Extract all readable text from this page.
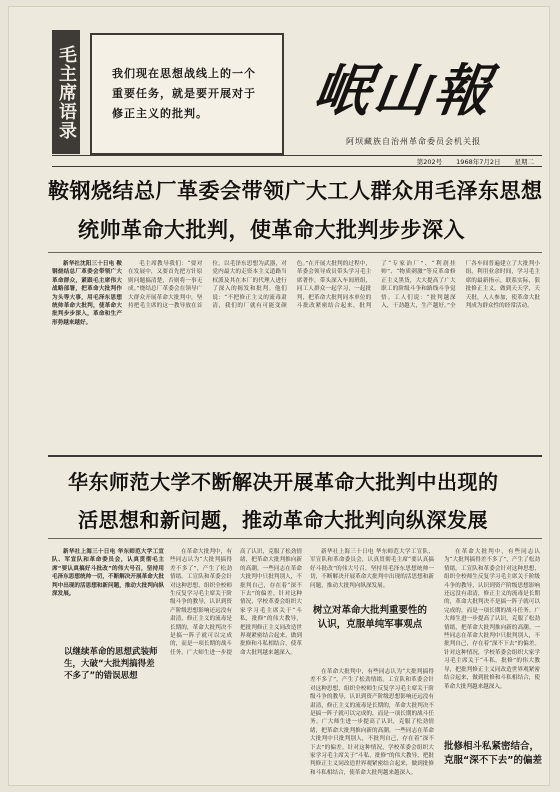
毛主席语录	我们现在思想战线上的一个重要任务，就是要开展对于修正主义的批判。	岷山報
阿坝藏族自治州革命委员会机关报
第202号 1968年7月2日 星期二
鞍钢烧结总厂革委会带领广大工人群众用毛泽东思想
统帅革命大批判，使革命大批判步步深入
新华社沈阳三十日电 鞍钢烧结总厂革委会带领广大革命群众，紧跟毛主席伟大战略部署，把革命大批判作为头等大事，用毛泽东思想统帅革命大批判，使革命大批判步步深入，革命和生产形势越来越好。
毛主席教导我们：“要对在发展中，又要首先把方针原则问题搞清楚，否则将一事无成。”烧结总厂革委会在领导广大群众开展革命大批判中，坚持把毛主席的这一教导放在首位，以毛泽东思想为武器，对党内最大的走资本主义道路当权派及其在本厂的代理人进行了深入的揭发和批判。他们说：“不把修正主义的流毒肃清，我们的厂就有可能变颜色。”在开展大批判的过程中，革委会领导成员带头学习毛主席著作，带头深入车间班组，同工人群众一起学习，一起批判，把革命大批判同本单位的斗批改紧密结合起来，批判了“专家治厂”、“利润挂帅”、“物质刺激”等反革命修正主义黑货，大大提高了广大职工的阶级斗争和路线斗争觉悟。工人们说：“批判越深入，干劲越大，生产越好。”全厂各车间普遍建立了大批判小组，利用业余时间，学习毛主席的最新指示，联系实际，狠批修正主义，做到天天学，天天批，人人参加，使革命大批判成为群众性的经常活动。
华东师范大学不断解决开展革命大批判中出现的
活思想和新问题，推动革命大批判向纵深发展
新华社上海三十日电 华东师范大学工宣队、军宣队和革命委员会，认真贯彻毛主席“要认真搞好斗批改”的伟大号召，坚持用毛泽东思想统帅一切，不断解决开展革命大批判中出现的活思想和新问题，推动大批判向纵深发展。
以继续革命的思想武装师生，大破“大批判搞得差不多了”的错误思想
在革命大批判中，有些同志认为“大批判搞得差不多了”，产生了松劲情绪。工宣队和革委会针对这种思想，组织全校师生反复学习毛主席关于阶级斗争的教导，认识到资产阶级思想影响还远没有肃清，修正主义的流毒是长期的，革命大批判决不是搞一阵子就可以完成的，而是一项长期的战斗任务。广大师生进一步提高了认识，克服了松劲情绪，把革命大批判推向新的高潮。一些同志在革命大批判中只批判别人，不批判自己，存在着“深不下去”的偏差。针对这种情况，学校革委会组织大家学习毛主席关于“斗私，批修”的伟大教导，把批判修正主义同改造世界观紧密结合起来，做到批修和斗私相结合，使革命大批判越来越深入。
树立对革命大批判重要性的认识，克服单纯军事观点
新华社上海三十日电 华东师范大学工宣队、军宣队和革命委员会，认真贯彻毛主席“要认真搞好斗批改”的伟大号召，坚持用毛泽东思想统帅一切，不断解决开展革命大批判中出现的活思想和新问题，推动大批判向纵深发展。
在革命大批判中，有些同志认为“大批判搞得差不多了”，产生了松劲情绪。工宣队和革委会针对这种思想，组织全校师生反复学习毛主席关于阶级斗争的教导，认识到资产阶级思想影响还远没有肃清，修正主义的流毒是长期的，革命大批判决不是搞一阵子就可以完成的，而是一项长期的战斗任务。广大师生进一步提高了认识，克服了松劲情绪，把革命大批判推向新的高潮。一些同志在革命大批判中只批判别人，不批判自己，存在着“深不下去”的偏差。针对这种情况，学校革委会组织大家学习毛主席关于“斗私，批修”的伟大教导，把批判修正主义同改造世界观紧密结合起来，做到批修和斗私相结合，使革命大批判越来越深入。
在革命大批判中，有些同志认为“大批判搞得差不多了”，产生了松劲情绪。工宣队和革委会针对这种思想，组织全校师生反复学习毛主席关于阶级斗争的教导，认识到资产阶级思想影响还远没有肃清，修正主义的流毒是长期的，革命大批判决不是搞一阵子就可以完成的，而是一项长期的战斗任务。广大师生进一步提高了认识，克服了松劲情绪，把革命大批判推向新的高潮。一些同志在革命大批判中只批判别人，不批判自己，存在着“深不下去”的偏差。针对这种情况，学校革委会组织大家学习毛主席关于“斗私，批修”的伟大教导，把批判修正主义同改造世界观紧密结合起来，做到批修和斗私相结合，使革命大批判越来越深入。
批修相斗私紧密结合，克服“深不下去”的偏差
